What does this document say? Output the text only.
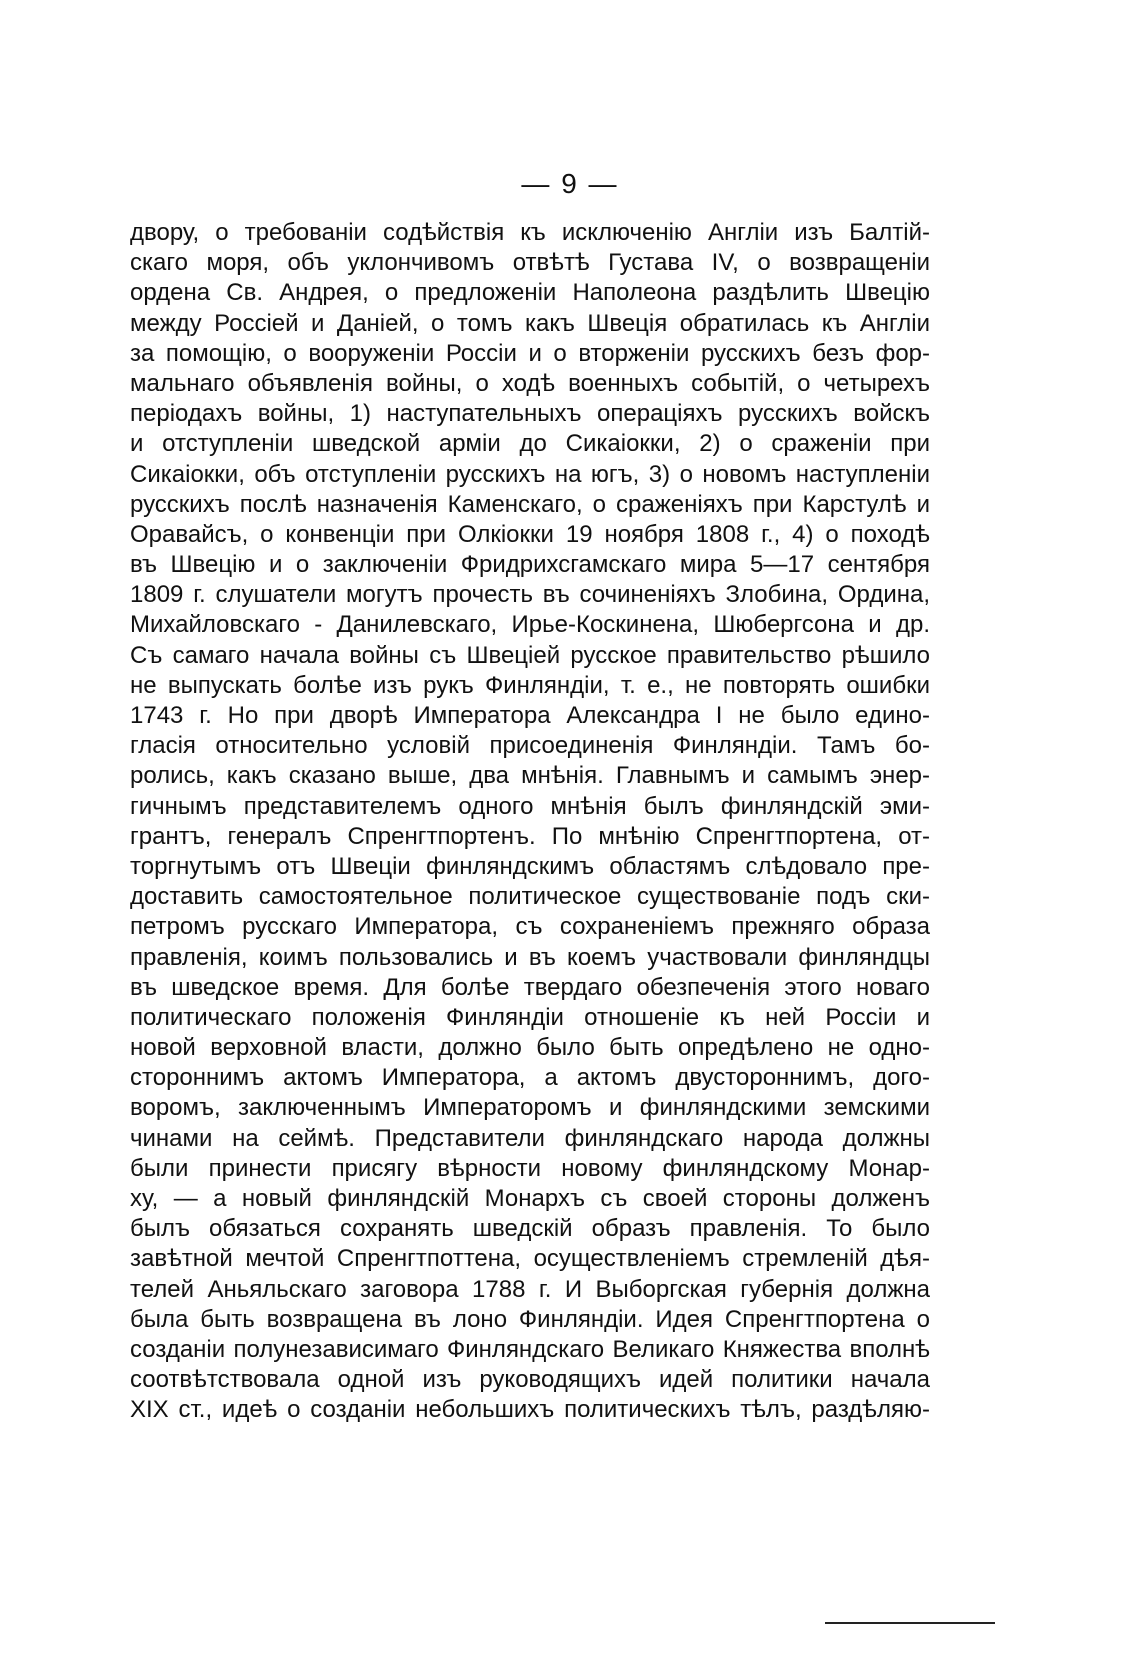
— 9 —
двору, о требованіи содѣйствія къ исключенію Англіи изъ Балтій-
скаго моря, объ уклончивомъ отвѣтѣ Густава IV, о возвращеніи
ордена Св. Андрея, о предложеніи Наполеона раздѣлить Швецію
между Россіей и Даніей, о томъ какъ Швеція обратилась къ Англіи
за помощію, о вооруженіи Россіи и о вторженіи русскихъ безъ фор-
мальнаго объявленія войны, о ходѣ военныхъ событій, о четырехъ
періодахъ войны, 1) наступательныхъ операціяхъ русскихъ войскъ
и отступленіи шведской арміи до Сикаіокки, 2) о сраженіи при
Сикаіокки, объ отступленіи русскихъ на югъ, 3) о новомъ наступленіи
русскихъ послѣ назначенія Каменскаго, о сраженіяхъ при Карстулѣ и
Оравайсъ, о конвенціи при Олкіокки 19 ноября 1808 г., 4) о походѣ
въ Швецію и о заключеніи Фридрихсгамскаго мира 5—17 сентября
1809 г. слушатели могутъ прочесть въ сочиненіяхъ Злобина, Ордина,
Михайловскаго - Данилевскаго, Ирье-Коскинена, Шюбергсона и др.
Съ самаго начала войны съ Швеціей русское правительство рѣшило
не выпускать болѣе изъ рукъ Финляндіи, т. е., не повторять ошибки
1743 г. Но при дворѣ Императора Александра I не было едино-
гласія относительно условій присоединенія Финляндіи. Тамъ бо-
ролись, какъ сказано выше, два мнѣнія. Главнымъ и самымъ энер-
гичнымъ представителемъ одного мнѣнія былъ финляндскій эми-
грантъ, генералъ Спренгтпортенъ. По мнѣнію Спренгтпортена, от-
торгнутымъ отъ Швеціи финляндскимъ областямъ слѣдовало пре-
доставить самостоятельное политическое существованіе подъ ски-
петромъ русскаго Императора, съ сохраненіемъ прежняго образа
правленія, коимъ пользовались и въ коемъ участвовали финляндцы
въ шведское время. Для болѣе твердаго обезпеченія этого новаго
политическаго положенія Финляндіи отношеніе къ ней Россіи и
новой верховной власти, должно было быть опредѣлено не одно-
стороннимъ актомъ Императора, а актомъ двустороннимъ, дого-
воромъ, заключеннымъ Императоромъ и финляндскими земскими
чинами на сеймѣ. Представители финляндскаго народа должны
были принести присягу вѣрности новому финляндскому Монар-
ху, — а новый финляндскій Монархъ съ своей стороны долженъ
былъ обязаться сохранять шведскій образъ правленія. То было
завѣтной мечтой Спренгтпоттена, осуществленіемъ стремленій дѣя-
телей Аньяльскаго заговора 1788 г. И Выборгская губернія должна
была быть возвращена въ лоно Финляндіи. Идея Спренгтпортена о
созданіи полунезависимаго Финляндскаго Великаго Княжества вполнѣ
соотвѣтствовала одной изъ руководящихъ идей политики начала
XIX ст., идеѣ о созданіи небольшихъ политическихъ тѣлъ, раздѣляю-
